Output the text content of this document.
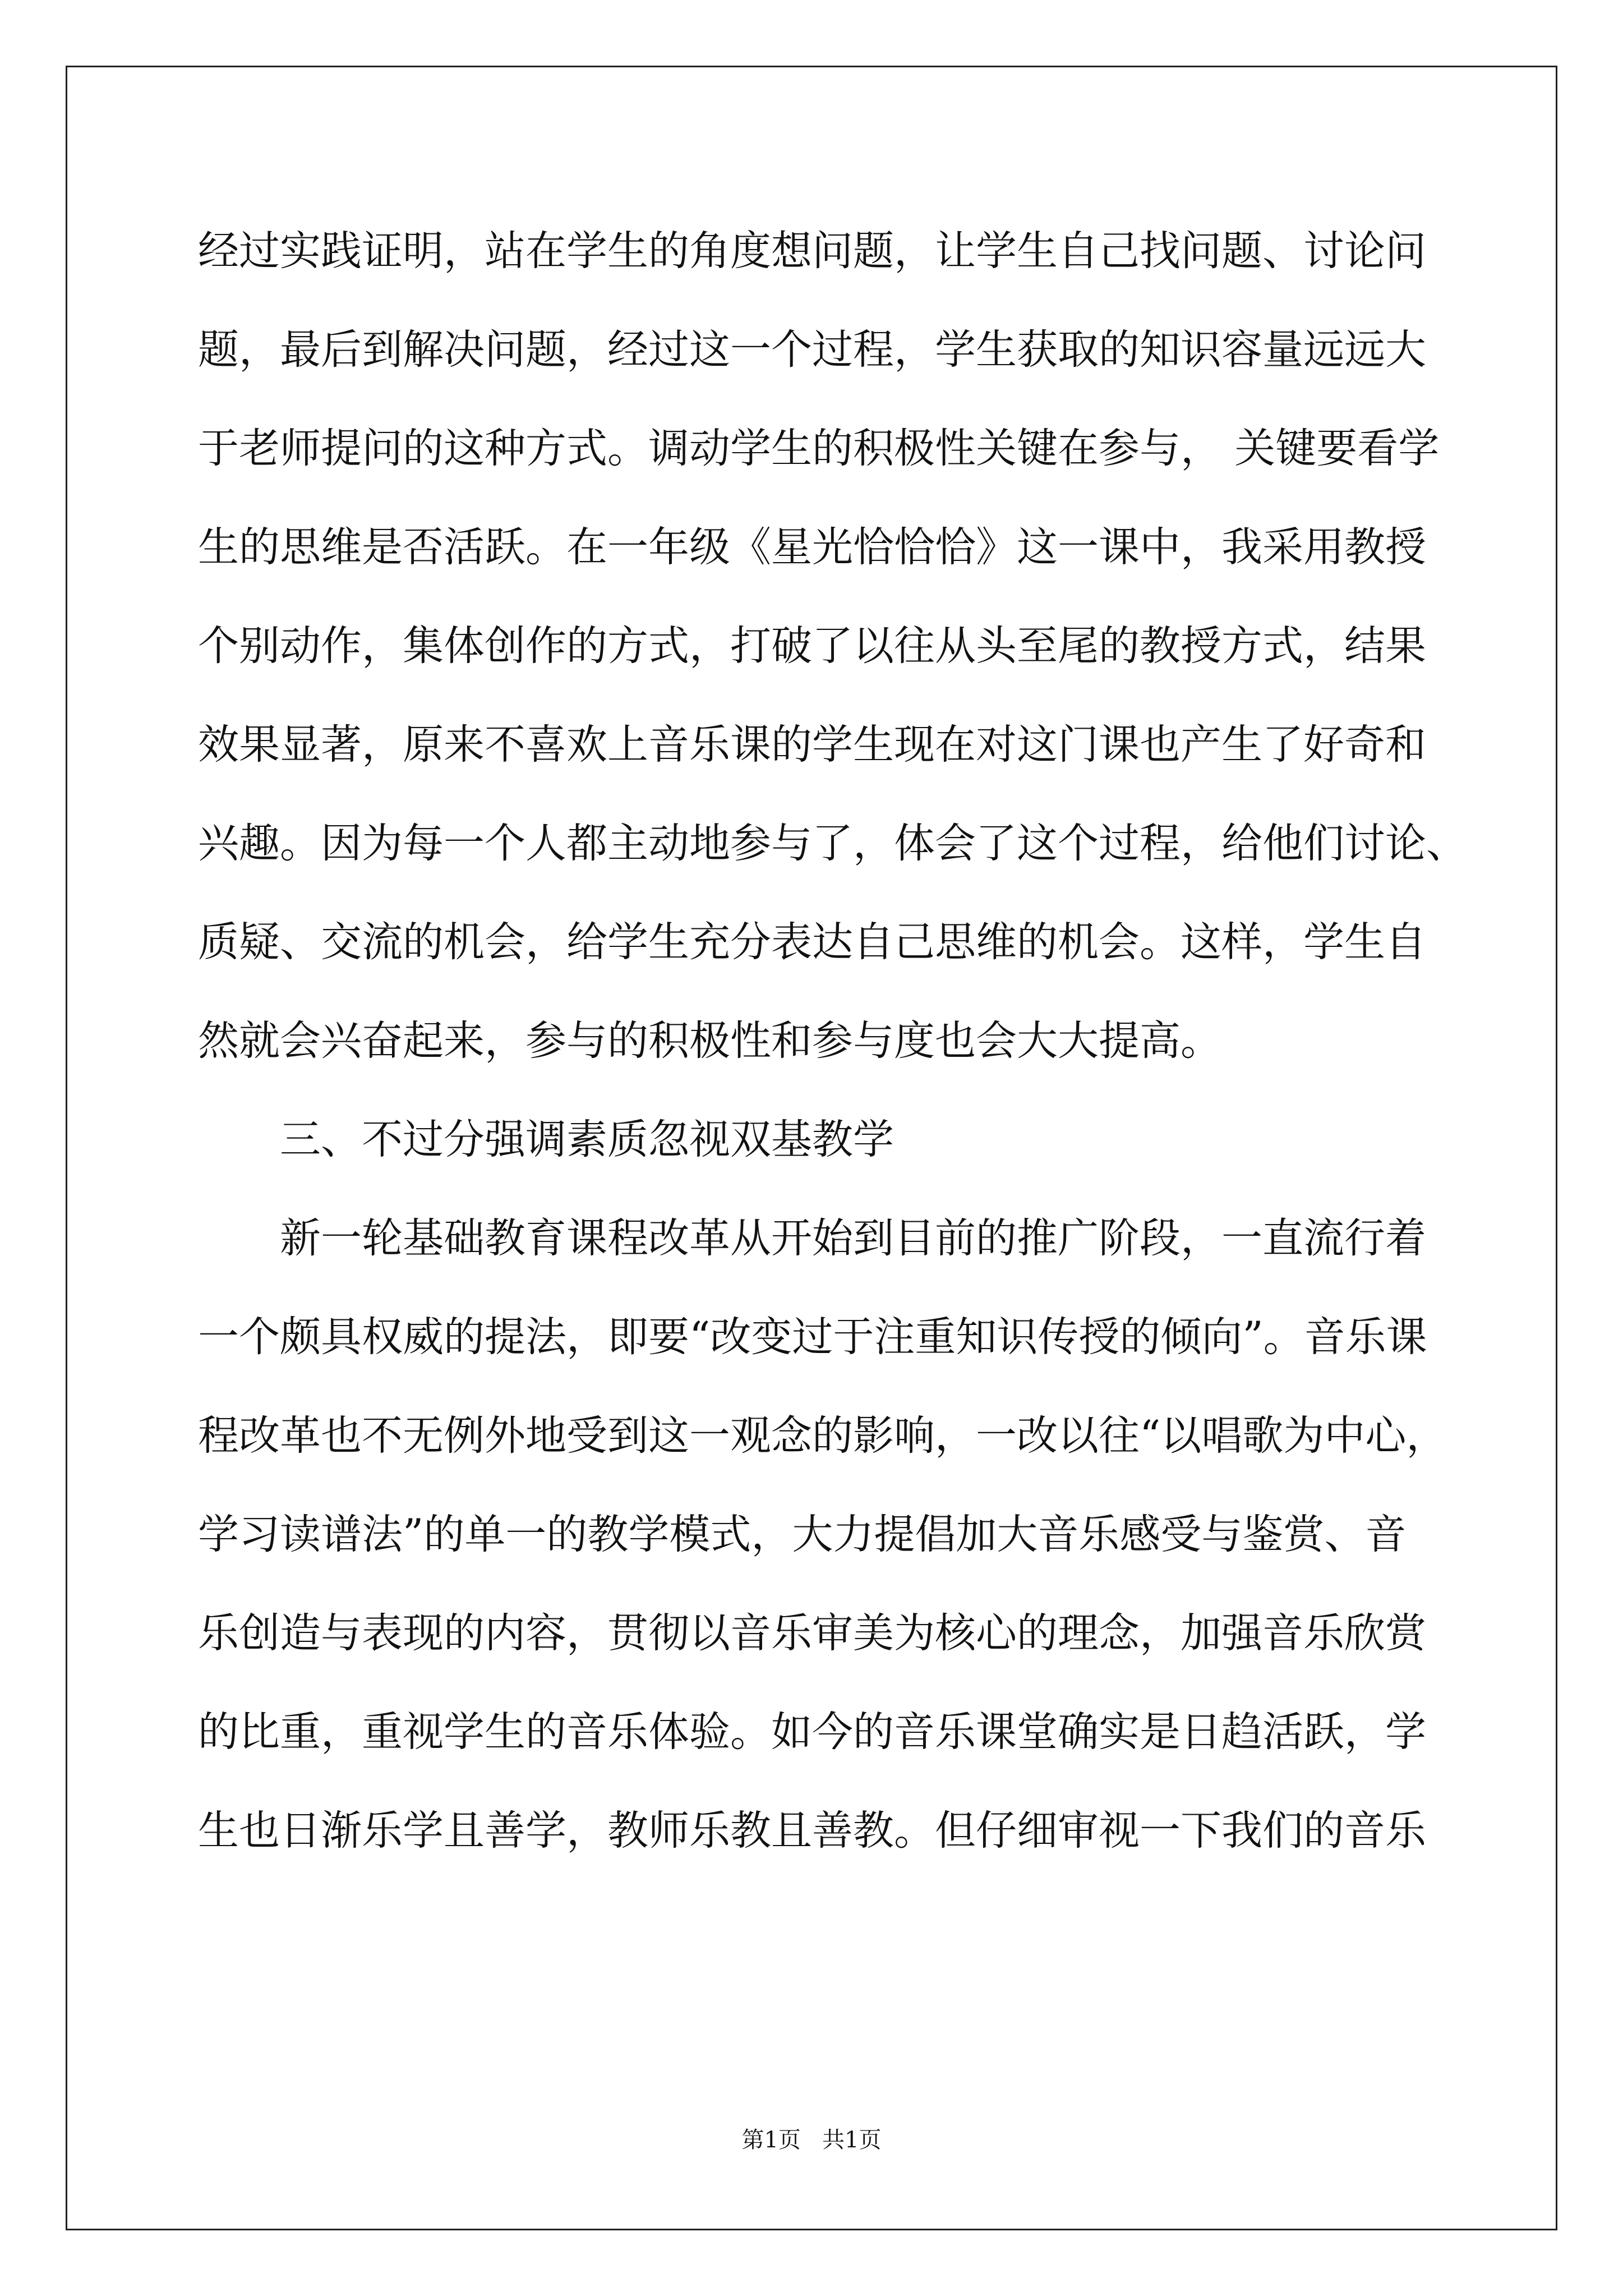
经过实践证明，站在学生的角度想问题，让学生自己找问题、讨论问
题，最后到解决问题，经过这一个过程，学生获取的知识容量远远大
于老师提问的这种方式。调动学生的积极性关键在参与， 关键要看学
生的思维是否活跃。在一年级《星光恰恰恰》这一课中，我采用教授
个别动作，集体创作的方式，打破了以往从头至尾的教授方式，结果
效果显著，原来不喜欢上音乐课的学生现在对这门课也产生了好奇和
兴趣。因为每一个人都主动地参与了，体会了这个过程，给他们讨论、
质疑、交流的机会，给学生充分表达自己思维的机会。这样，学生自
然就会兴奋起来，参与的积极性和参与度也会大大提高。
三、不过分强调素质忽视双基教学
新一轮基础教育课程改革从开始到目前的推广阶段，一直流行着
一个颇具权威的提法，即要“改变过于注重知识传授的倾向”。音乐课
程改革也不无例外地受到这一观念的影响，一改以往“以唱歌为中心，
学习读谱法”的单一的教学模式，大力提倡加大音乐感受与鉴赏、音
乐创造与表现的内容，贯彻以音乐审美为核心的理念，加强音乐欣赏
的比重，重视学生的音乐体验。如今的音乐课堂确实是日趋活跃，学
生也日渐乐学且善学，教师乐教且善教。但仔细审视一下我们的音乐
第1页   共1页
